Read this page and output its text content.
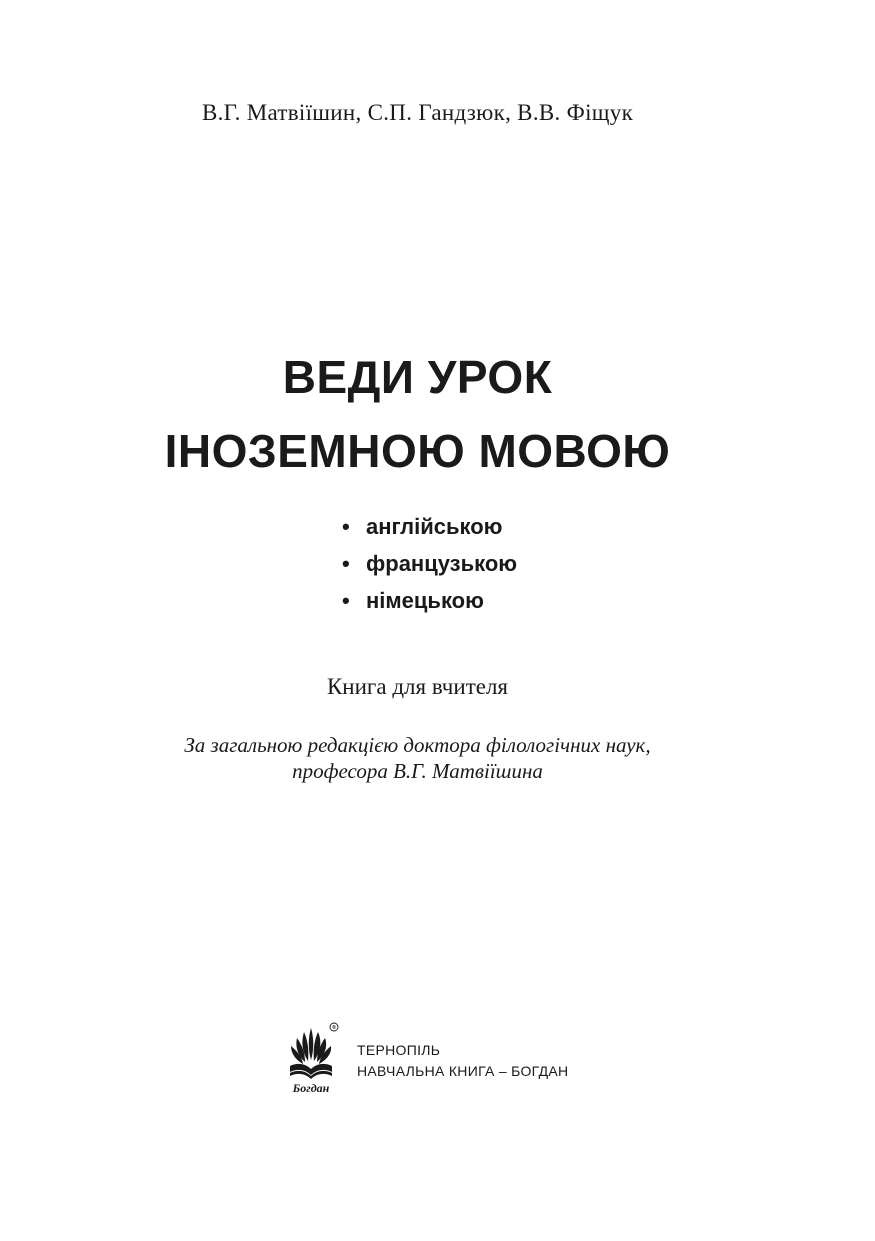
В.Г. Матвіїшин, С.П. Гандзюк, В.В. Фіщук
ВЕДИ УРОК
ІНОЗЕМНОЮ МОВОЮ
• англійською
• французькою
• німецькою
Книга для вчителя
За загальною редакцією доктора філологічних наук,
професора В.Г. Матвіїшина
®
Богдан
ТЕРНОПІЛЬ
НАВЧАЛЬНА КНИГА – БОГДАН
